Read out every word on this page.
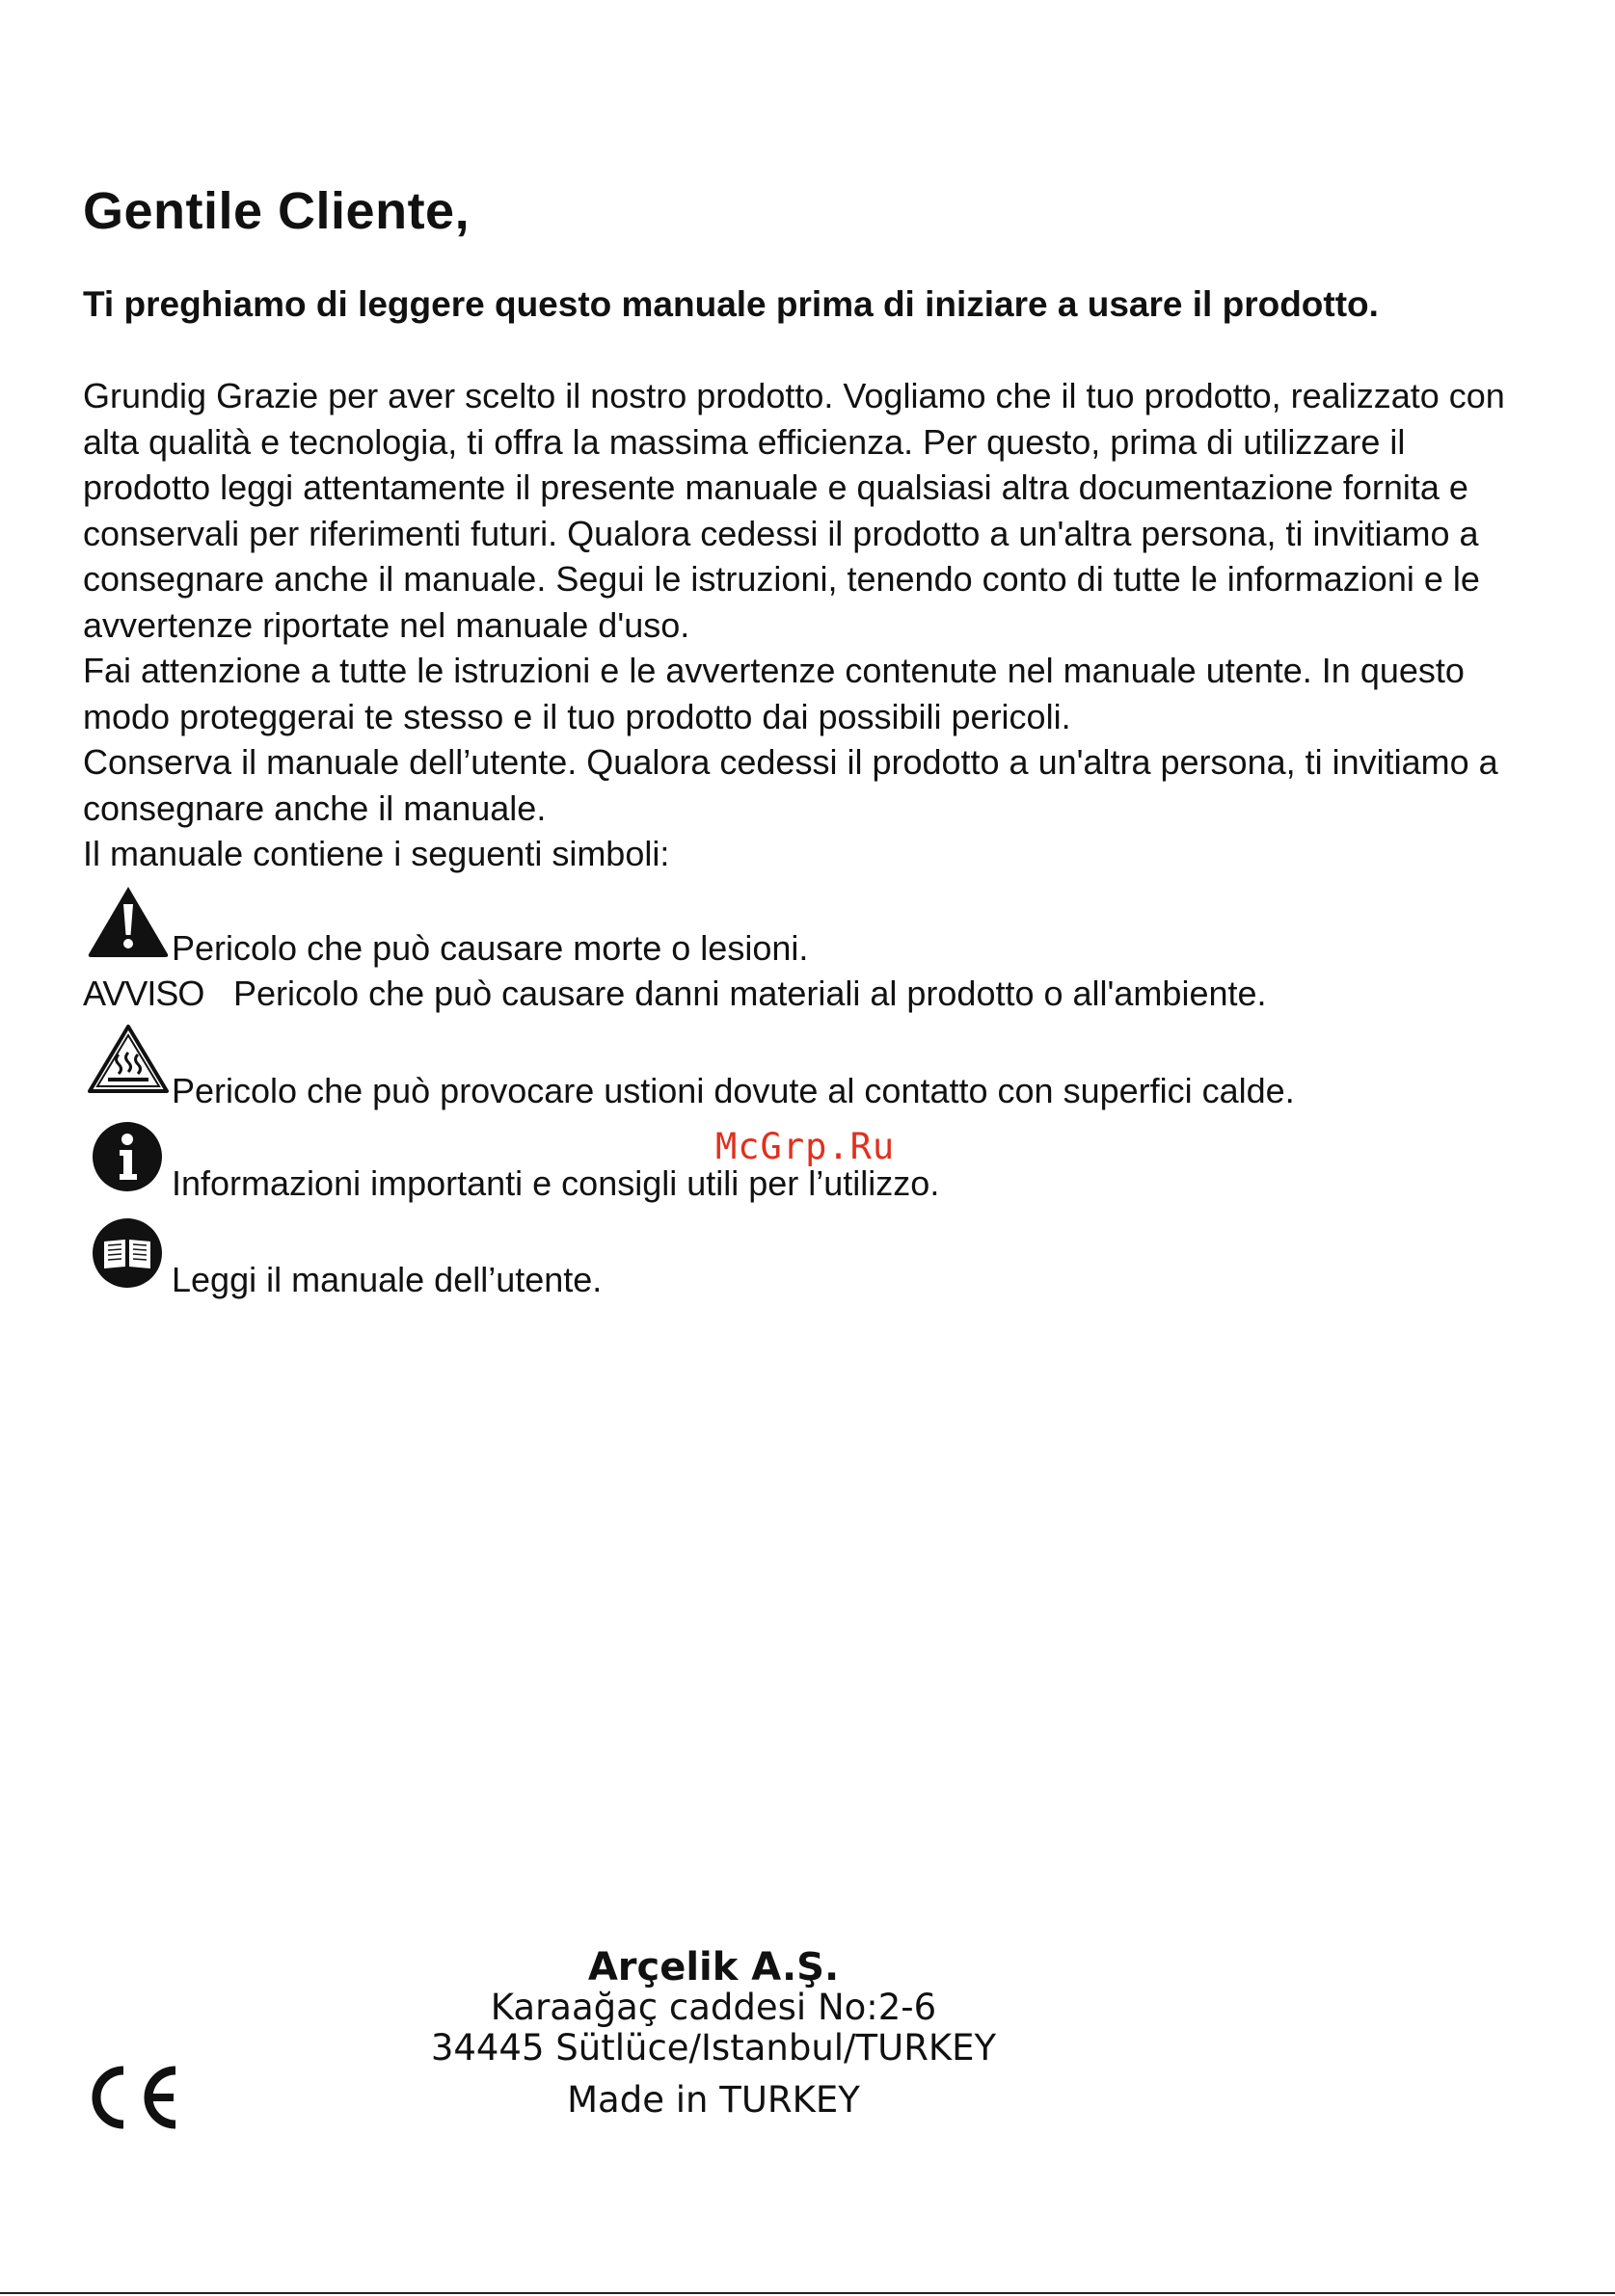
Gentile Cliente,

Ti preghiamo di leggere questo manuale prima di iniziare a usare il prodotto.

Grundig Grazie per aver scelto il nostro prodotto. Vogliamo che il tuo prodotto, realizzato con alta qualità e tecnologia, ti offra la massima efficienza. Per questo, prima di utilizzare il prodotto leggi attentamente il presente manuale e qualsiasi altra documentazione fornita e conservali per riferimenti futuri. Qualora cedessi il prodotto a un'altra persona, ti invitiamo a consegnare anche il manuale. Segui le istruzioni, tenendo conto di tutte le informazioni e le avvertenze riportate nel manuale d'uso.

Fai attenzione a tutte le istruzioni e le avvertenze contenute nel manuale utente. In questo modo proteggerai te stesso e il tuo prodotto dai possibili pericoli.

Conserva il manuale dell’utente. Qualora cedessi il prodotto a un'altra persona, ti invitiamo a consegnare anche il manuale.

Il manuale contiene i seguenti simboli:

Pericolo che può causare morte o lesioni.
AVVISO Pericolo che può causare danni materiali al prodotto o all'ambiente.
Pericolo che può provocare ustioni dovute al contatto con superfici calde.
Informazioni importanti e consigli utili per l’utilizzo.
Leggi il manuale dell’utente.
McGrp.Ru
Arçelik A.Ş.
Karaağaç caddesi No:2-6
34445 Sütlüce/Istanbul/TURKEY
Made in TURKEY
